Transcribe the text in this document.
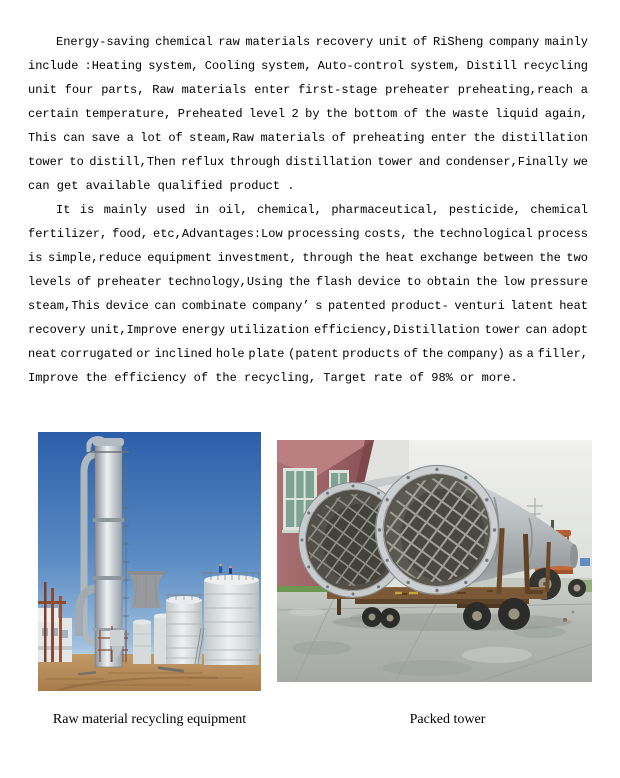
Energy-saving chemical raw materials recovery unit of RiSheng company mainly
include :Heating system, Cooling system, Auto-control system, Distill recycling
unit four parts, Raw materials enter first-stage preheater preheating,reach a
certain temperature, Preheated level 2 by the bottom of the waste liquid again,
This can save a lot of steam,Raw materials of preheating enter the distillation
tower to distill,Then reflux through distillation tower and condenser,Finally we
can get available qualified product .
It is mainly used in oil, chemical, pharmaceutical, pesticide, chemical
fertilizer, food, etc,Advantages:Low processing costs, the technological process
is simple,reduce equipment investment, through the heat exchange between the two
levels of preheater technology,Using the flash device to obtain the low pressure
steam,This device can combinate company’ s patented product- venturi latent heat
recovery unit,Improve energy utilization efficiency,Distillation tower can adopt
neat corrugated or inclined hole plate (patent products of the company) as a filler,
Improve the efficiency of the recycling, Target rate of 98% or more.
Raw material recycling equipment	Packed tower
